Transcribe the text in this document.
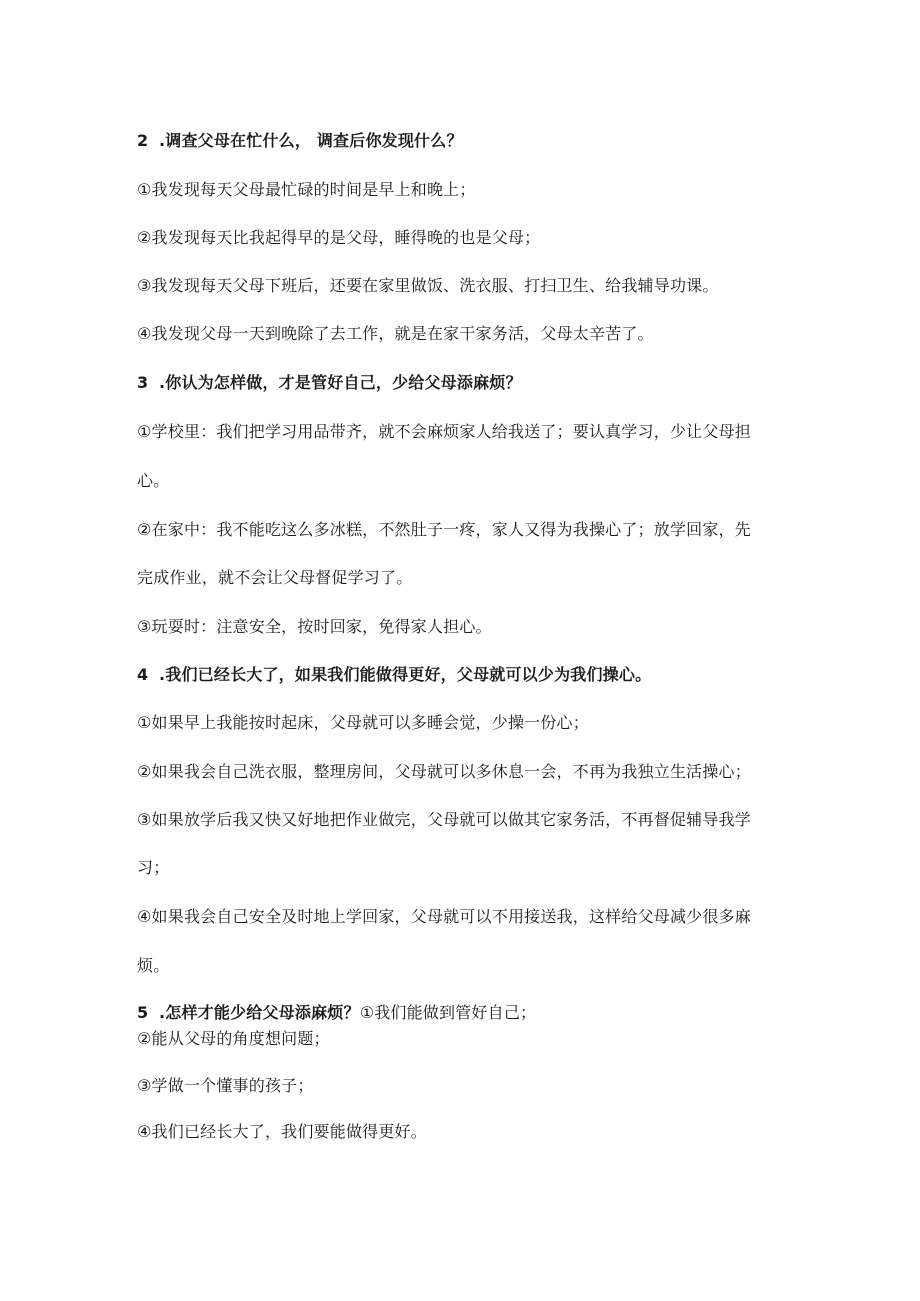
2 .调查父母在忙什么， 调查后你发现什么？
①我发现每天父母最忙碌的时间是早上和晚上；
②我发现每天比我起得早的是父母，睡得晚的也是父母；
③我发现每天父母下班后，还要在家里做饭、洗衣服、打扫卫生、给我辅导功课。
④我发现父母一天到晚除了去工作，就是在家干家务活，父母太辛苦了。
3 .你认为怎样做，才是管好自己，少给父母添麻烦？
①学校里：我们把学习用品带齐，就不会麻烦家人给我送了；要认真学习，少让父母担
心。
②在家中：我不能吃这么多冰糕，不然肚子一疼，家人又得为我操心了；放学回家，先
完成作业，就不会让父母督促学习了。
③玩耍时：注意安全，按时回家，免得家人担心。
4 .我们已经长大了，如果我们能做得更好，父母就可以少为我们操心。
①如果早上我能按时起床，父母就可以多睡会觉，少操一份心；
②如果我会自己洗衣服，整理房间，父母就可以多休息一会，不再为我独立生活操心；
③如果放学后我又快又好地把作业做完，父母就可以做其它家务活，不再督促辅导我学
习；
④如果我会自己安全及时地上学回家，父母就可以不用接送我，这样给父母减少很多麻
烦。
5 .怎样才能少给父母添麻烦？①我们能做到管好自己；
②能从父母的角度想问题；
③学做一个懂事的孩子；
④我们已经长大了，我们要能做得更好。
